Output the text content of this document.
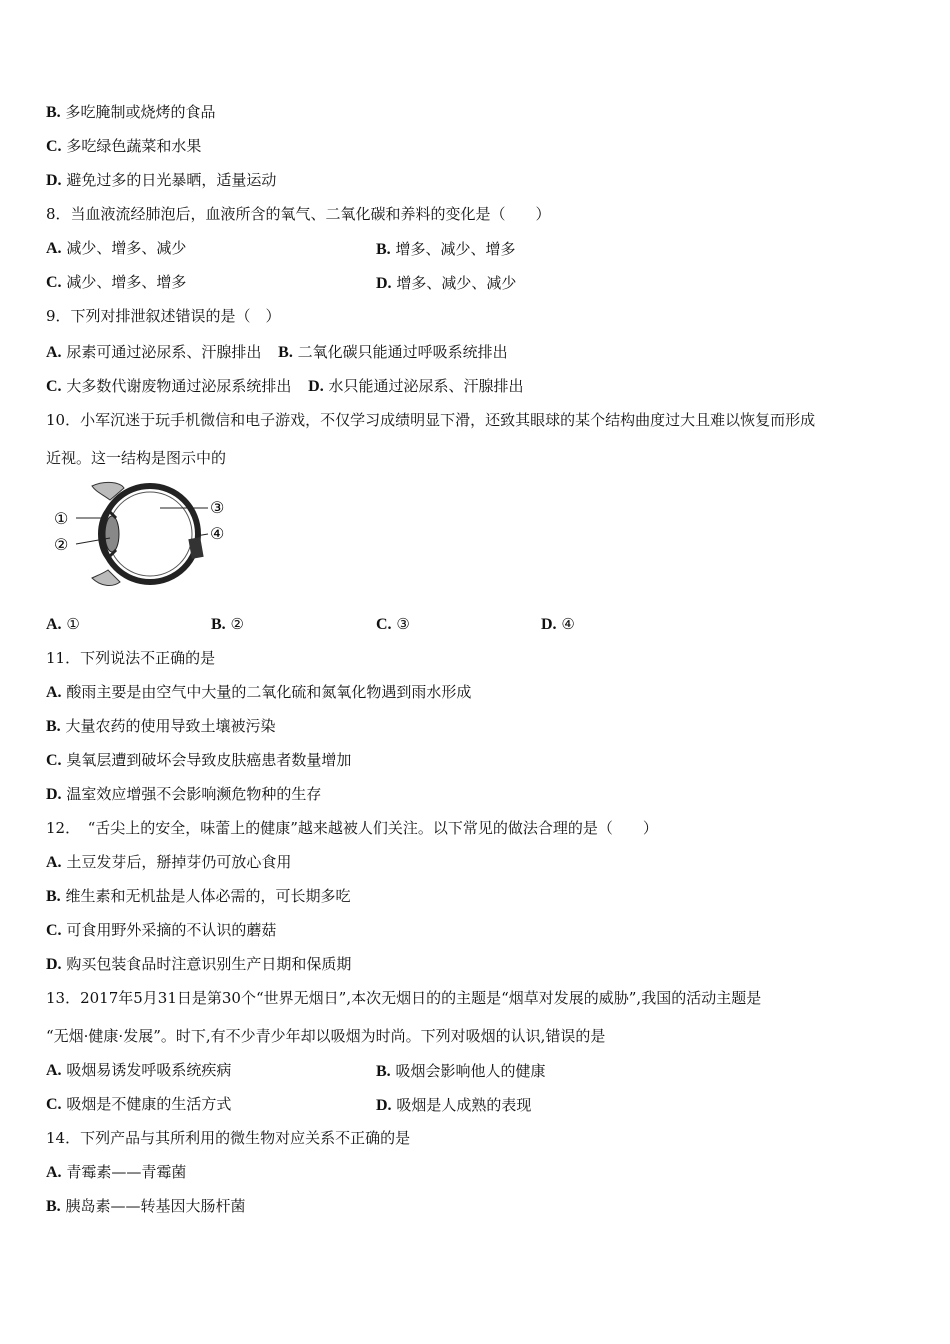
B. 多吃腌制或烧烤的食品
C. 多吃绿色蔬菜和水果
D. 避免过多的日光暴晒，适量运动
8．当血液流经肺泡后，血液所含的氧气、二氧化碳和养料的变化是（　　）
A. 减少、增多、减少	B. 增多、减少、增多
C. 减少、增多、增多	D. 增多、减少、减少
9．下列对排泄叙述错误的是（　）
A. 尿素可通过泌尿系、汗腺排出 B. 二氧化碳只能通过呼吸系统排出
C. 大多数代谢废物通过泌尿系统排出 D. 水只能通过泌尿系、汗腺排出
10．小军沉迷于玩手机微信和电子游戏，不仅学习成绩明显下滑，还致其眼球的某个结构曲度过大且难以恢复而形成
近视。这一结构是图示中的
①
②
③
④
A. ①	B. ②	C. ③	D. ④
11．下列说法不正确的是
A. 酸雨主要是由空气中大量的二氧化硫和氮氧化物遇到雨水形成
B. 大量农药的使用导致土壤被污染
C. 臭氧层遭到破坏会导致皮肤癌患者数量增加
D. 温室效应增强不会影响濒危物种的生存
12．　“舌尖上的安全，味蕾上的健康”越来越被人们关注。以下常见的做法合理的是（　　）
A. 土豆发芽后，掰掉芽仍可放心食用
B. 维生素和无机盐是人体必需的，可长期多吃
C. 可食用野外采摘的不认识的蘑菇
D. 购买包装食品时注意识别生产日期和保质期
13．2017年5月31日是第30个“世界无烟日”,本次无烟日的的主题是“烟草对发展的威胁”,我国的活动主题是
“无烟·健康·发展”。时下,有不少青少年却以吸烟为时尚。下列对吸烟的认识,错误的是
A. 吸烟易诱发呼吸系统疾病	B. 吸烟会影响他人的健康
C. 吸烟是不健康的生活方式	D. 吸烟是人成熟的表现
14．下列产品与其所利用的微生物对应关系不正确的是
A. 青霉素——青霉菌
B. 胰岛素——转基因大肠杆菌
